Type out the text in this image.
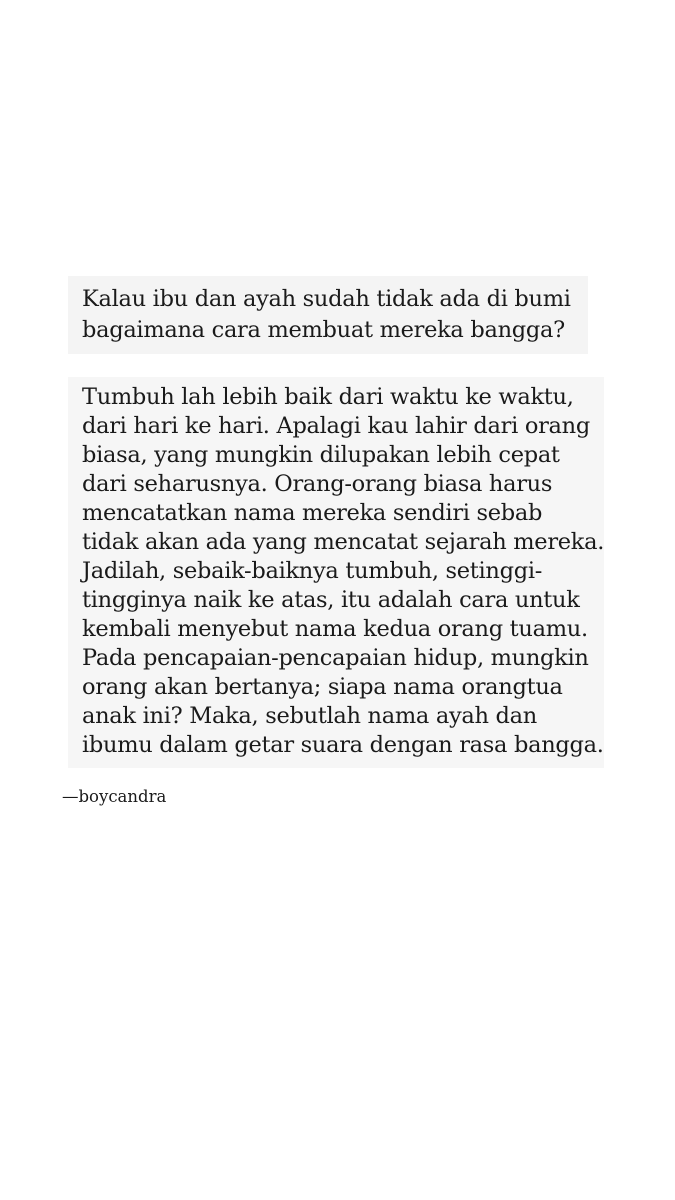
Kalau ibu dan ayah sudah tidak ada di bumi
bagaimana cara membuat mereka bangga?
Tumbuh lah lebih baik dari waktu ke waktu,
dari hari ke hari. Apalagi kau lahir dari orang
biasa, yang mungkin dilupakan lebih cepat
dari seharusnya. Orang-orang biasa harus
mencatatkan nama mereka sendiri sebab
tidak akan ada yang mencatat sejarah mereka.
Jadilah, sebaik-baiknya tumbuh, setinggi-
tingginya naik ke atas, itu adalah cara untuk
kembali menyebut nama kedua orang tuamu.
Pada pencapaian-pencapaian hidup, mungkin
orang akan bertanya; siapa nama orangtua
anak ini? Maka, sebutlah nama ayah dan
ibumu dalam getar suara dengan rasa bangga.
—boycandra
